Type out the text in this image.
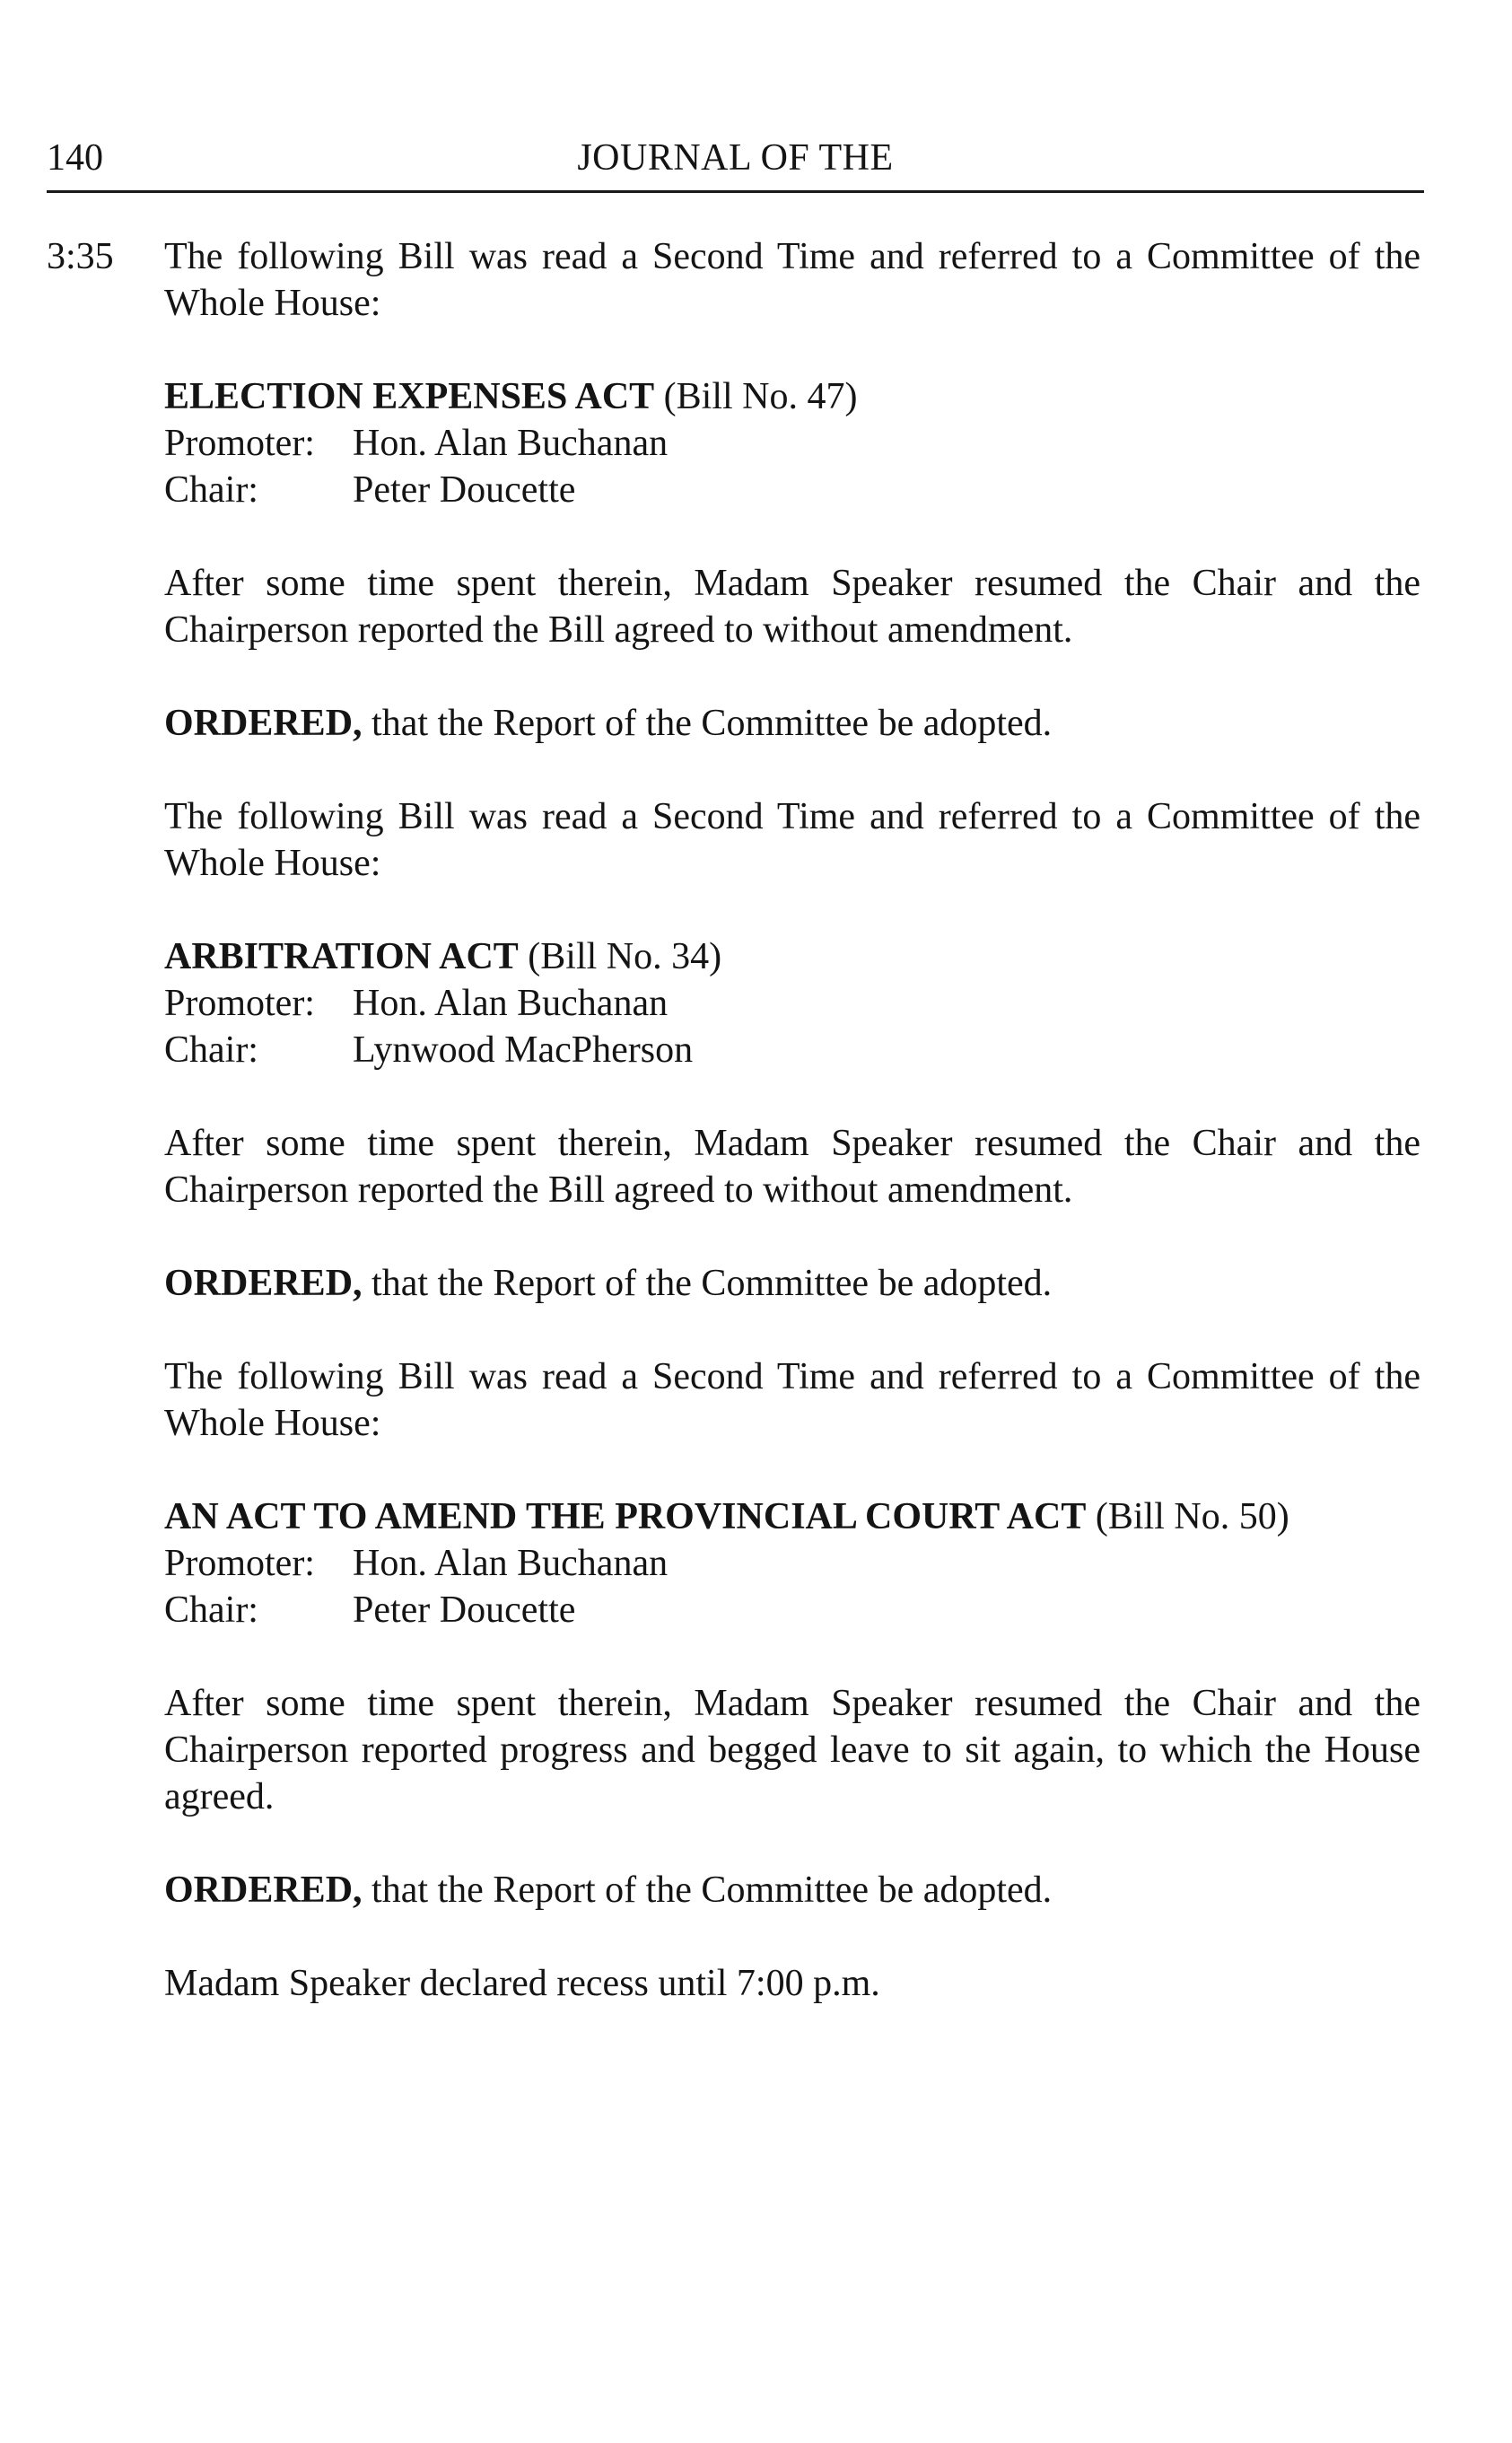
140	JOURNAL OF THE
3:35 The following Bill was read a Second Time and referred to a Committee of the Whole House:

ELECTION EXPENSES ACT (Bill No. 47)
Promoter:	Hon. Alan Buchanan
Chair:	Peter Doucette

After some time spent therein, Madam Speaker resumed the Chair and the Chairperson reported the Bill agreed to without amendment.

ORDERED, that the Report of the Committee be adopted.

The following Bill was read a Second Time and referred to a Committee of the Whole House:

ARBITRATION ACT (Bill No. 34)
Promoter:	Hon. Alan Buchanan
Chair:	Lynwood MacPherson

After some time spent therein, Madam Speaker resumed the Chair and the Chairperson reported the Bill agreed to without amendment.

ORDERED, that the Report of the Committee be adopted.

The following Bill was read a Second Time and referred to a Committee of the Whole House:

AN ACT TO AMEND THE PROVINCIAL COURT ACT (Bill No. 50)
Promoter:	Hon. Alan Buchanan
Chair:	Peter Doucette

After some time spent therein, Madam Speaker resumed the Chair and the Chairperson reported progress and begged leave to sit again, to which the House agreed.

ORDERED, that the Report of the Committee be adopted.

Madam Speaker declared recess until 7:00 p.m.
